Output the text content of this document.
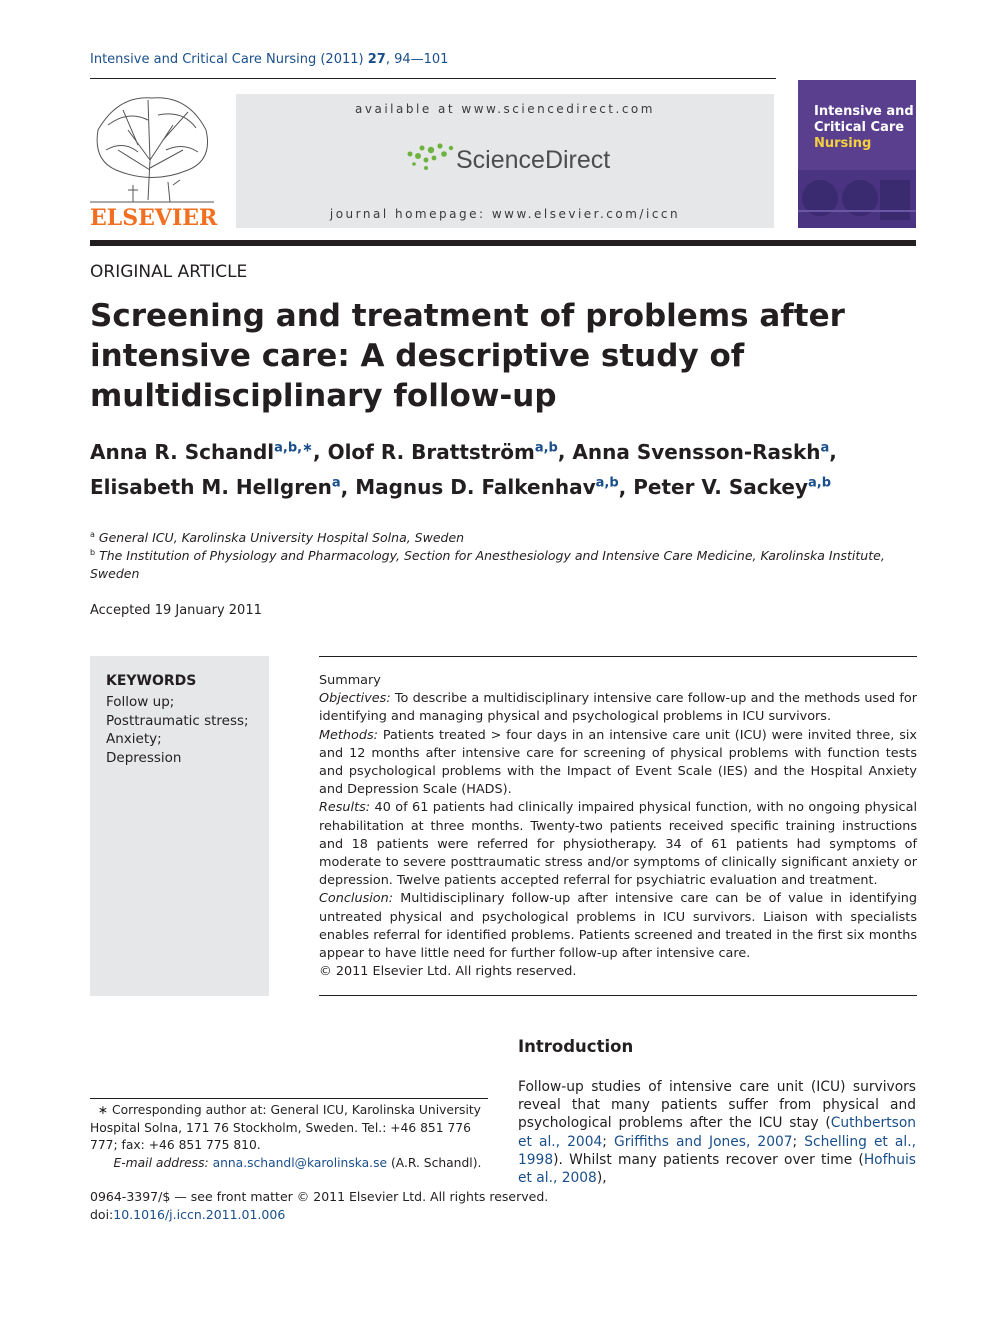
Intensive and Critical Care Nursing (2011) 27, 94—101
ELSEVIER
available at www.sciencedirect.com
ScienceDirect
journal homepage: www.elsevier.com/iccn
Intensive and
Critical Care
Nursing
ORIGINAL ARTICLE
Screening and treatment of problems after intensive care: A descriptive study of multidisciplinary follow-up
Anna R. Schandl$^{a,b,∗}$, Olof R. Brattström$^{a,b}$, Anna Svensson-Raskh$^a$,
Elisabeth M. Hellgren$^a$, Magnus D. Falkenhav$^{a,b}$, Peter V. Sackey$^{a,b}$
$^a$ General ICU, Karolinska University Hospital Solna, Sweden
$^b$ The Institution of Physiology and Pharmacology, Section for Anesthesiology and Intensive Care Medicine, Karolinska Institute, Sweden
Accepted 19 January 2011
KEYWORDS
Follow up;
Posttraumatic stress;
Anxiety;
Depression

Summary

Objectives: To describe a multidisciplinary intensive care follow-up and the methods used for identifying and managing physical and psychological problems in ICU survivors.

Methods: Patients treated > four days in an intensive care unit (ICU) were invited three, six and 12 months after intensive care for screening of physical problems with function tests and psychological problems with the Impact of Event Scale (IES) and the Hospital Anxiety and Depression Scale (HADS).

Results: 40 of 61 patients had clinically impaired physical function, with no ongoing physical rehabilitation at three months. Twenty-two patients received specific training instructions and 18 patients were referred for physiotherapy. 34 of 61 patients had symptoms of moderate to severe posttraumatic stress and/or symptoms of clinically significant anxiety or depression. Twelve patients accepted referral for psychiatric evaluation and treatment.

Conclusion: Multidisciplinary follow-up after intensive care can be of value in identifying untreated physical and psychological problems in ICU survivors. Liaison with specialists enables referral for identified problems. Patients screened and treated in the first six months appear to have little need for further follow-up after intensive care.

© 2011 Elsevier Ltd. All rights reserved.

Introduction
Follow-up studies of intensive care unit (ICU) survivors reveal that many patients suffer from physical and psychological problems after the ICU stay (Cuthbertson et al., 2004; Griffiths and Jones, 2007; Schelling et al., 1998). Whilst many patients recover over time (Hofhuis et al., 2008),
∗ Corresponding author at: General ICU, Karolinska University Hospital Solna, 171 76 Stockholm, Sweden. Tel.: +46 851 776 777; fax: +46 851 775 810.
E-mail address: anna.schandl@karolinska.se (A.R. Schandl).
0964-3397/$ — see front matter © 2011 Elsevier Ltd. All rights reserved.
doi:10.1016/j.iccn.2011.01.006
